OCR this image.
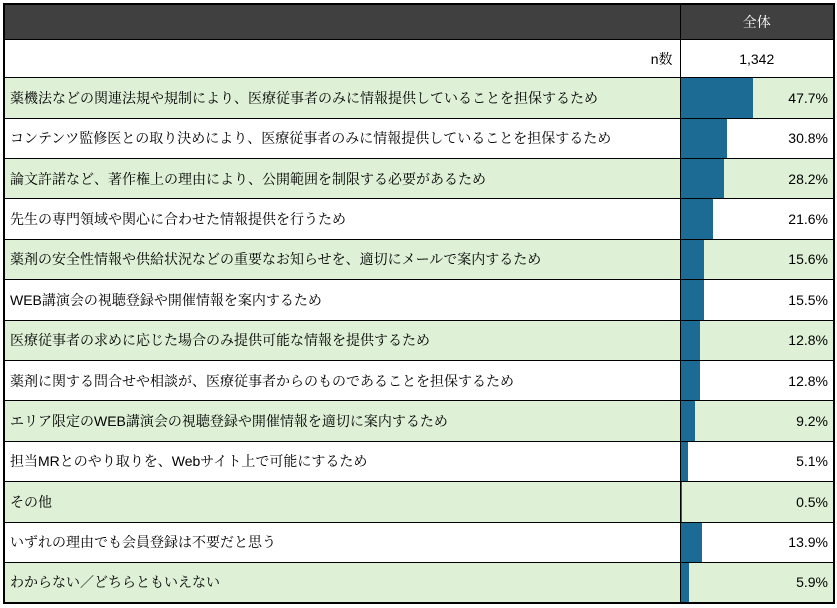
	全体
n数	1,342
薬機法などの関連法規や規制により、医療従事者のみに情報提供していることを担保するため	47.7%

コンテンツ監修医との取り決めにより、医療従事者のみに情報提供していることを担保するため	30.8%

論文許諾など、著作権上の理由により、公開範囲を制限する必要があるため	28.2%

先生の専門領域や関心に合わせた情報提供を行うため	21.6%

薬剤の安全性情報や供給状況などの重要なお知らせを、適切にメールで案内するため	15.6%

WEB講演会の視聴登録や開催情報を案内するため	15.5%

医療従事者の求めに応じた場合のみ提供可能な情報を提供するため	12.8%

薬剤に関する問合せや相談が、医療従事者からのものであることを担保するため	12.8%

エリア限定のWEB講演会の視聴登録や開催情報を適切に案内するため	9.2%

担当MRとのやり取りを、Webサイト上で可能にするため	5.1%

その他	0.5%

いずれの理由でも会員登録は不要だと思う	13.9%

わからない／どちらともいえない	5.9%
